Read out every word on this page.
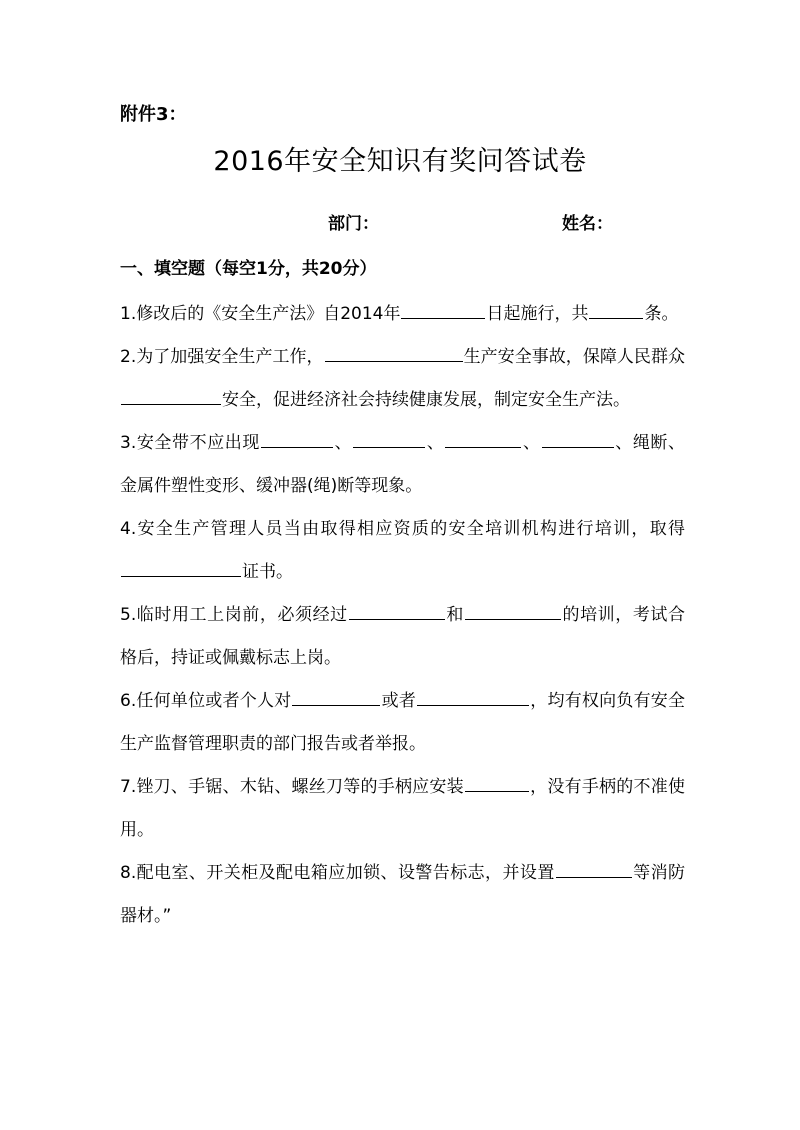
附件3：
2016年安全知识有奖问答试卷
部门：	姓名：
一、填空题（每空1分，共20分）
1.修改后的《安全生产法》自2014年	日起施行，共	条。
2.为了加强安全生产工作，	生产安全事故，保障人民群众安全，促进经济社会持续健康发展，制定安全生产法。
3.安全带不应出现	、	、	、	、绳断、金属件塑性变形、缓冲器(绳)断等现象。
4.安全生产管理人员当由取得相应资质的安全培训机构进行培训，取得证书。
5.临时用工上岗前，必须经过	和	的培训，考试合格后，持证或佩戴标志上岗。
6.任何单位或者个人对	或者	，均有权向负有安全生产监督管理职责的部门报告或者举报。
7.锉刀、手锯、木钻、螺丝刀等的手柄应安装	，没有手柄的不准使用。
8.配电室、开关柜及配电箱应加锁、设警告标志，并设置	等消防器材。”
